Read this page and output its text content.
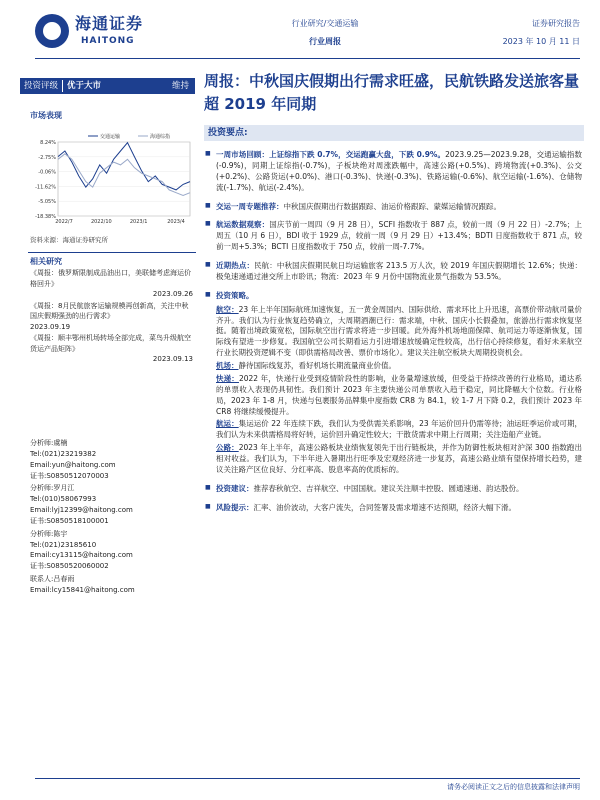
海通证券
HAITONG
行业研究/交通运输
行业周报
证券研究报告
2023 年 10 月 11 日
投资评级	优于大市	维持	周报：中秋国庆假期出行需求旺盛，民航铁路发送旅客量超 2019 年同期
市场表现
8.24%
-2.75%
-0.06%
-11.62%
-5.05%
-18.38%
2022/7	2022/10	2023/1	2023/4
交通运输	海通综指
资料来源：海通证券研究所
相关研究
《周报：俄罗斯限制成品油出口，美联储考虑海运价格回升》
2023.09.26
《周报：8月民航旅客运输规模再创新高，关注中秋国庆假期强劲的出行需求》
2023.09.19
《周报：顺丰鄂州机场转场全部完成，菜鸟升级航空货运产品矩阵》
2023.09.13
分析师:虞楠
Tel:(021)23219382
Email:yun@haitong.com
证书:S0850512070003
分析师:罗月江
Tel:(010)58067993
Email:lyj12399@haitong.com
证书:S0850518100001
分析师:陈宇
Tel:(021)23185610
Email:cy13115@haitong.com
证书:S0850520060002
联系人:吕春雨
Email:lcy15841@haitong.com
投资要点:
■ 一周市场回顾：上证综指下跌 0.7%，交运跑赢大盘，下跌 0.9%。2023.9.25—2023.9.28，交通运输指数(-0.9%)，同期上证综指(-0.7%)，子板块绝对周涨跌幅中，高速公路(+0.5%)、跨境物流(+0.3%)、公交(+0.2%)、公路货运(+0.0%)、港口(-0.3%)、快递(-0.3%)、铁路运输(-0.6%)、航空运输(-1.6%)、仓储物流(-1.7%)、航运(-2.4%)。
■ 交运一周专题推荐：中秋国庆假期出行数据跟踪、油运价格跟踪、蒙媒运输情况跟踪。
■ 航运数据观察：国庆节前一周四（9 月 28 日），SCFI 指数收于 887 点，较前一周（9 月 22 日）-2.7%；上周五（10 月 6 日），BDI 收于 1929 点，较前一周（9 月 29 日）+13.4%；BDTI 日度指数收于 871 点，较前一周+5.3%；BCTI 日度指数收于 750 点，较前一周-7.7%。
■ 近期热点：民航：中秋国庆假期民航日均运输旅客 213.5 万人次，较 2019 年国庆假期增长 12.6%；快递：极兔速递通过港交所上市聆讯；物流：2023 年 9 月份中国物流业景气指数为 53.5%。
■ 投资策略。
航空：23 年上半年国际航班加速恢复，五一黄金周国内、国际供给、需求环比上升迅速，高票价带动航司量价齐升。我们认为行业恢复趋势确立，大周期酒潮已行：需求端，中秋、国庆小长假叠加，旅游出行需求恢复坚挺。随着出境政策宽松，国际航空出行需求将进一步回暖。此外海外机场地面保障、航司运力等逐渐恢复，国际线有望进一步修复。我国航空公司长期看运力引进增速放缓确定性较高，出行信心持续修复，看好未来航空行业长期投资逻辑不变（即供需格局改善、票价市场化）。建议关注航空板块大周期投资机会。
机场：静待国际线复苏，看好机场长期流量商业价值。
快递：2022 年，快递行业受到疫情阶段性的影响，业务量增速放缓，但受益于持续改善的行业格局，通达系的单票收入表现仍具韧性。我们预计 2023 年主要快递公司单票收入趋于稳定，同比降幅大个位数。行业格局，2023 年 1-8 月，快递与包裹服务品牌集中度指数 CR8 为 84.1，较 1-7 月下降 0.2，我们预计 2023 年 CR8 将继续缓慢提升。
航运：集运运价 22 年连续下跌，我们认为受供需关系影响，23 年运价回升仍需等待；油运旺季运价或可期，我们认为未来供需格局将好转，运价回升确定性较大；干散货需求中期上行周期；关注造船产业链。
公路：2023 年上半年，高速公路板块业绩恢复领先于出行链板块，并作为防御性板块相对沪深 300 指数跑出相对收益。我们认为，下半年进入暑期出行旺季及宏观经济进一步复苏，高速公路业绩有望保持增长趋势，建议关注路产区位良好、分红率高、股息率高的优质标的。
■ 投资建议：推荐春秋航空、吉祥航空、中国国航。建议关注顺丰控股、圆通速递、韵达股份。
■ 风险提示：汇率、油价波动，大客户流失，合同签署及需求增速不达预期，经济大幅下滑。
请务必阅读正文之后的信息披露和法律声明
